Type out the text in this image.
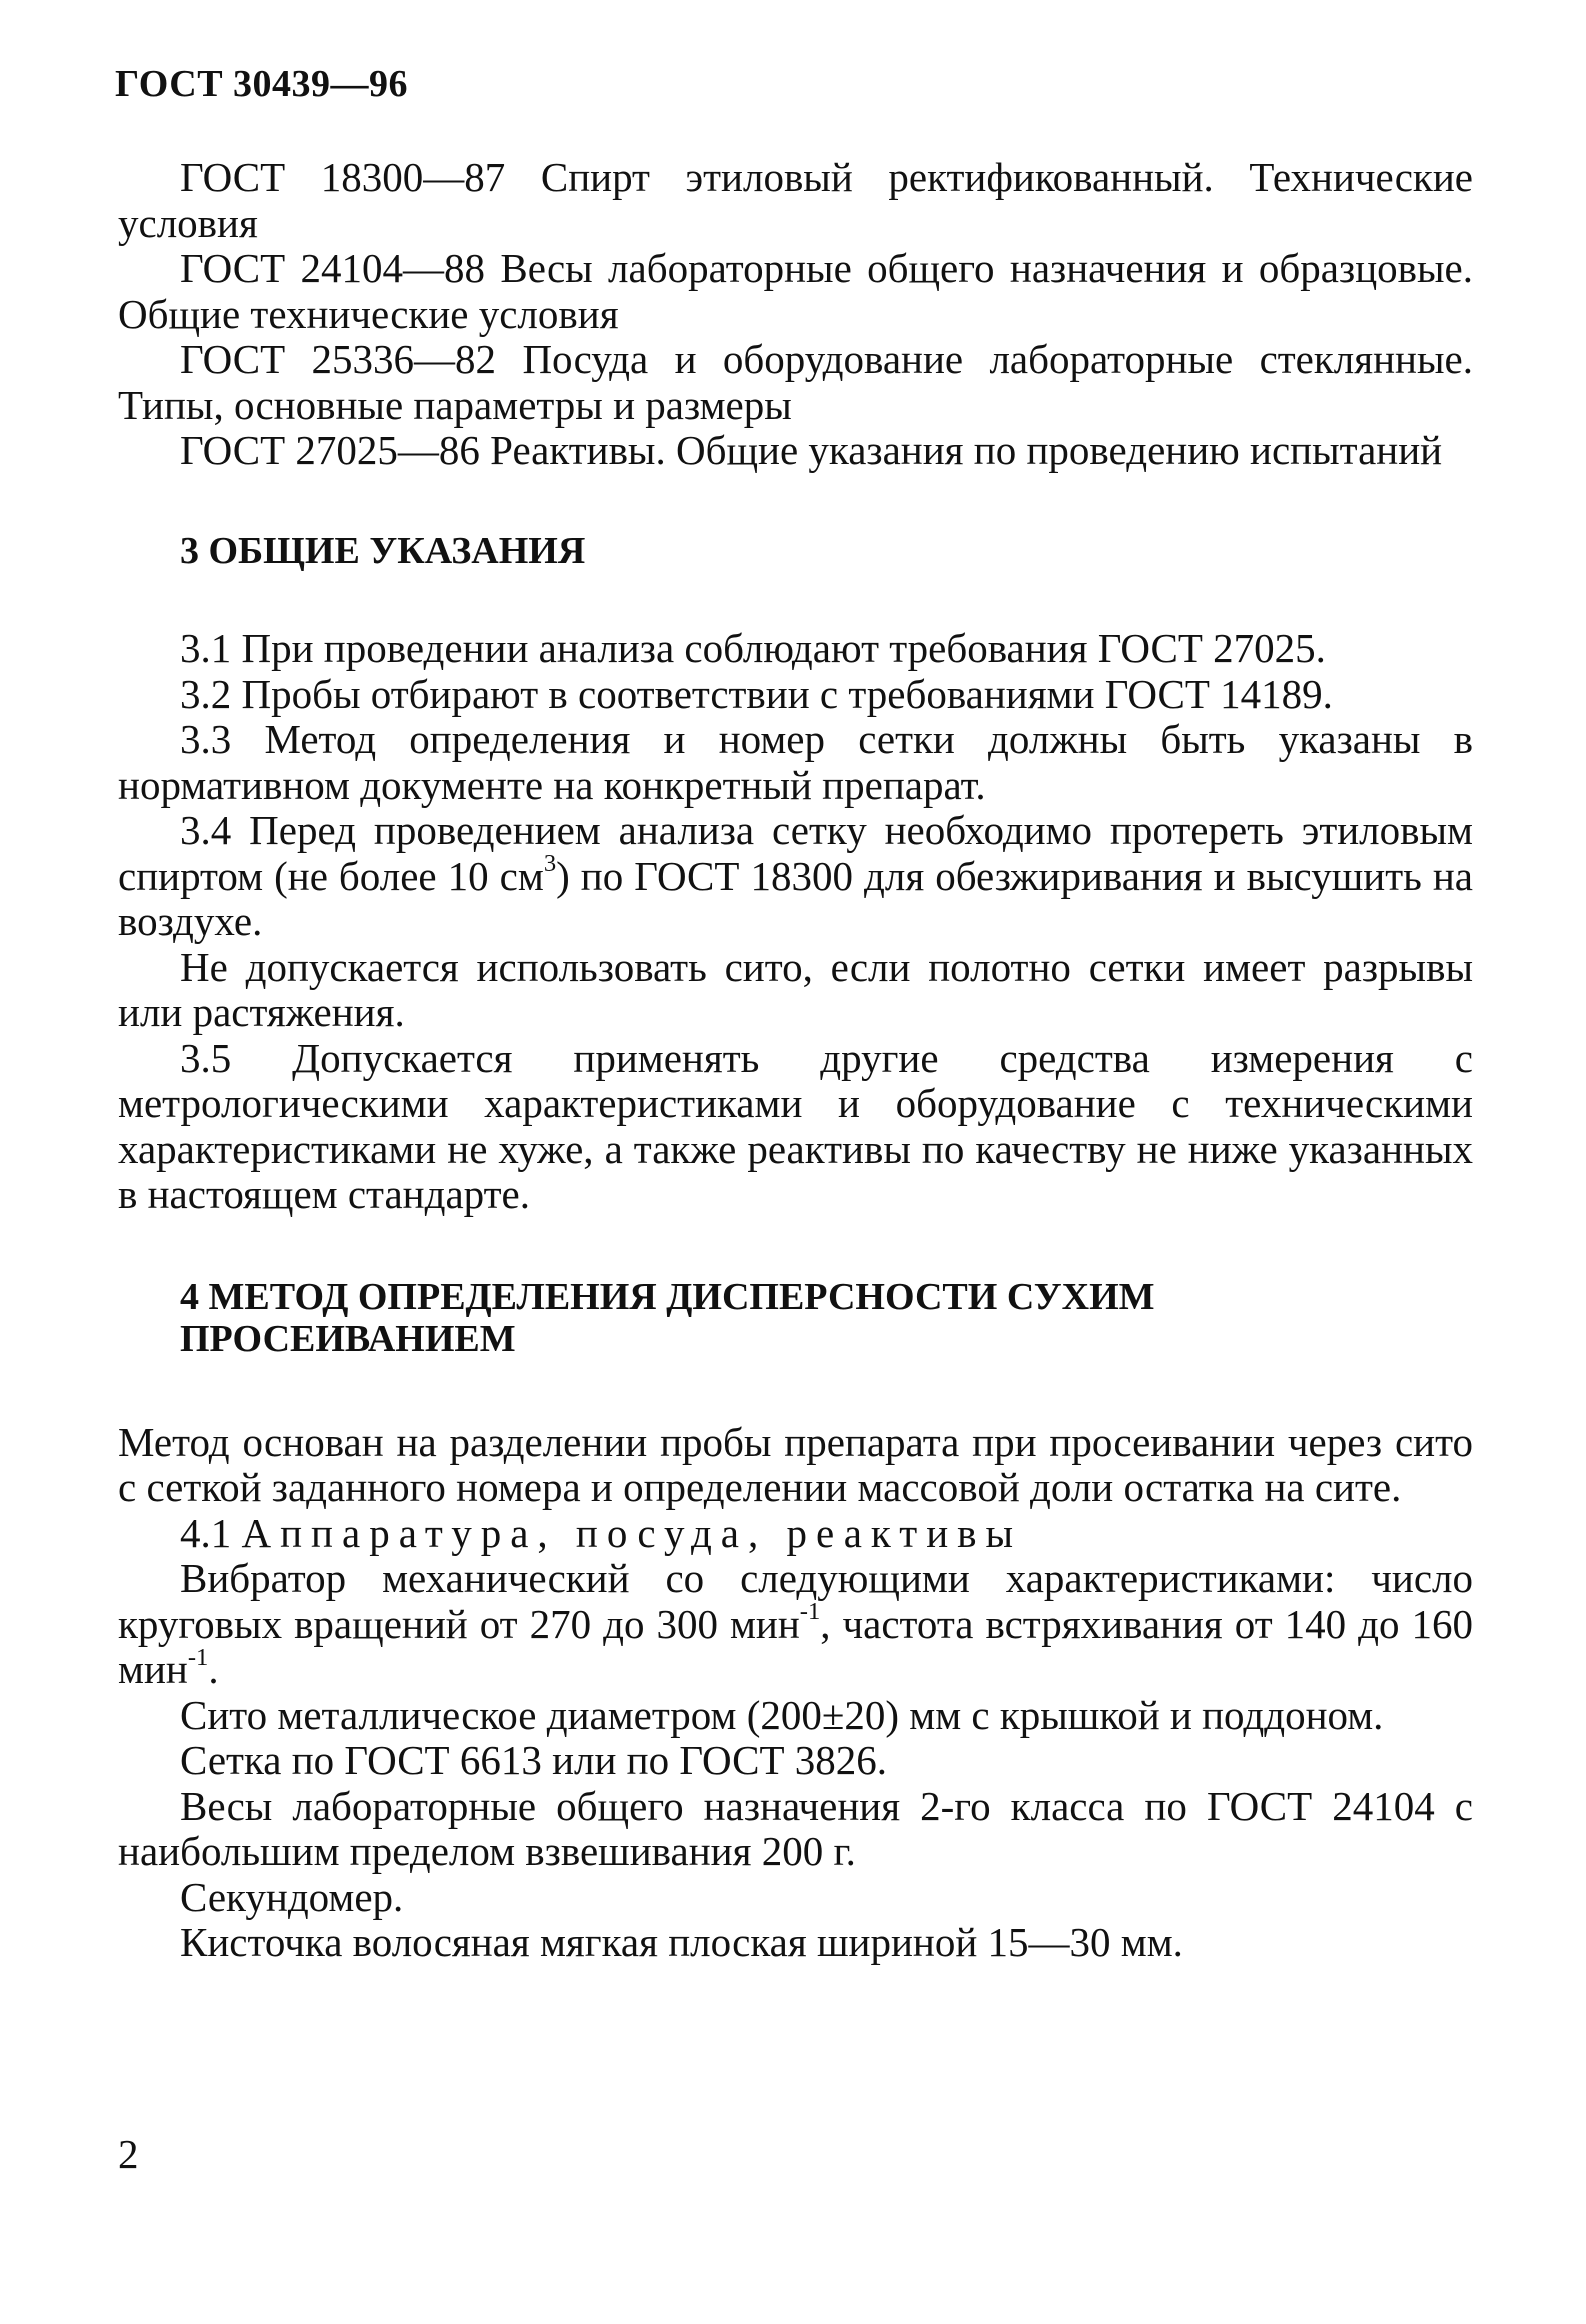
ГОСТ 30439—96

ГОСТ 18300—87 Спирт этиловый ректификованный. Технические условия

ГОСТ 24104—88 Весы лабораторные общего назначения и образцовые. Общие технические условия

ГОСТ 25336—82 Посуда и оборудование лабораторные стеклянные. Типы, основные параметры и размеры

ГОСТ 27025—86 Реактивы. Общие указания по проведению испытаний

3 ОБЩИЕ УКАЗАНИЯ

3.1 При проведении анализа соблюдают требования ГОСТ 27025.

3.2 Пробы отбирают в соответствии с требованиями ГОСТ 14189.

3.3 Метод определения и номер сетки должны быть указаны в нормативном документе на конкретный препарат.

3.4 Перед проведением анализа сетку необходимо протереть этиловым спиртом (не более 10 $см^3$) по ГОСТ 18300 для обезжиривания и высушить на воздухе.

Не допускается использовать сито, если полотно сетки имеет разрывы или растяжения.

3.5 Допускается применять другие средства измерения с метрологическими характеристиками и оборудование с техническими характеристиками не хуже, а также реактивы по качеству не ниже указанных в настоящем стандарте.

4 МЕТОД ОПРЕДЕЛЕНИЯ ДИСПЕРСНОСТИ СУХИМ
ПРОСЕИВАНИЕМ

Метод основан на разделении пробы препарата при просеивании через сито с сеткой заданного номера и определении массовой доли остатка на сите.

4.1 Аппаратура, посуда, реактивы

Вибратор механический со следующими характеристиками: число круговых вращений от 270 до 300 мин$^{-1}$, частота встряхивания от 140 до 160 мин$^{-1}$.

Сито металлическое диаметром (200±20) мм с крышкой и поддоном.

Сетка по ГОСТ 6613 или по ГОСТ 3826.

Весы лабораторные общего назначения 2-го класса по ГОСТ 24104 с наибольшим пределом взвешивания 200 г.

Секундомер.

Кисточка волосяная мягкая плоская шириной 15—30 мм.

2
